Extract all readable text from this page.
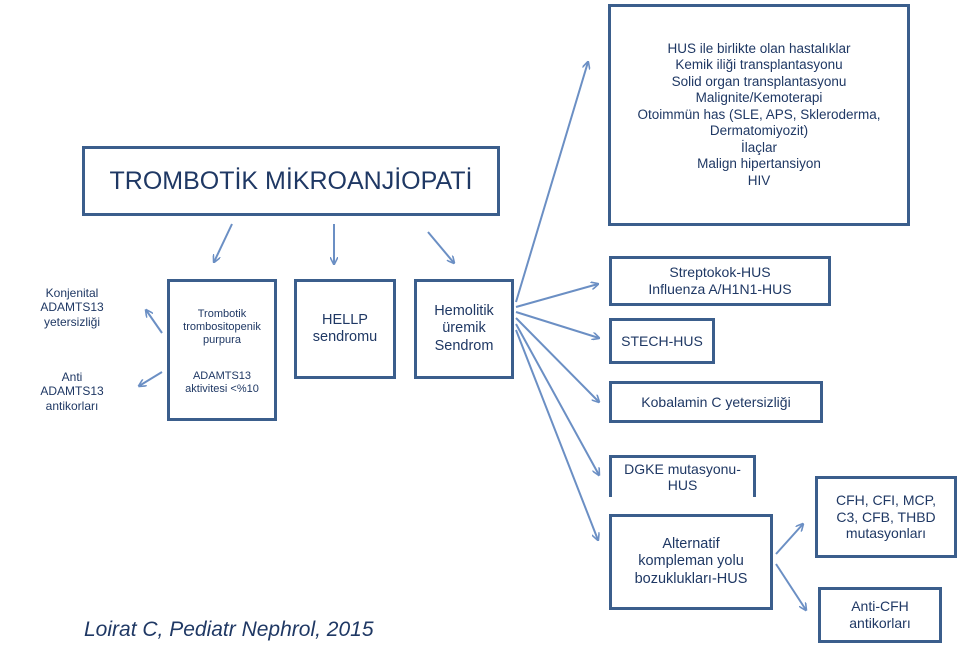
TROMBOTİK MİKROANJİOPATİ
HUS ile birlikte olan hastalıklar
Kemik iliği transplantasyonu
Solid organ transplantasyonu
Malignite/Kemoterapi
Otoimmün has (SLE, APS, Skleroderma,
Dermatomiyozit)
İlaçlar
Malign hipertansiyon
HIV
Konjenital
ADAMTS13
yetersizliği
Anti
ADAMTS13
antikorları
Trombotik
trombositopenik
purpura
ADAMTS13
aktivitesi <%10
HELLP
sendromu
Hemolitik
üremik
Sendrom
Streptokok-HUS
Influenza A/H1N1-HUS
STECH-HUS
Kobalamin C yetersizliği
DGKE mutasyonu-
HUS
Alternatif
kompleman yolu
bozuklukları-HUS
CFH, CFI, MCP,
C3, CFB, THBD
mutasyonları
Anti-CFH
antikorları
Loirat C, Pediatr Nephrol, 2015
